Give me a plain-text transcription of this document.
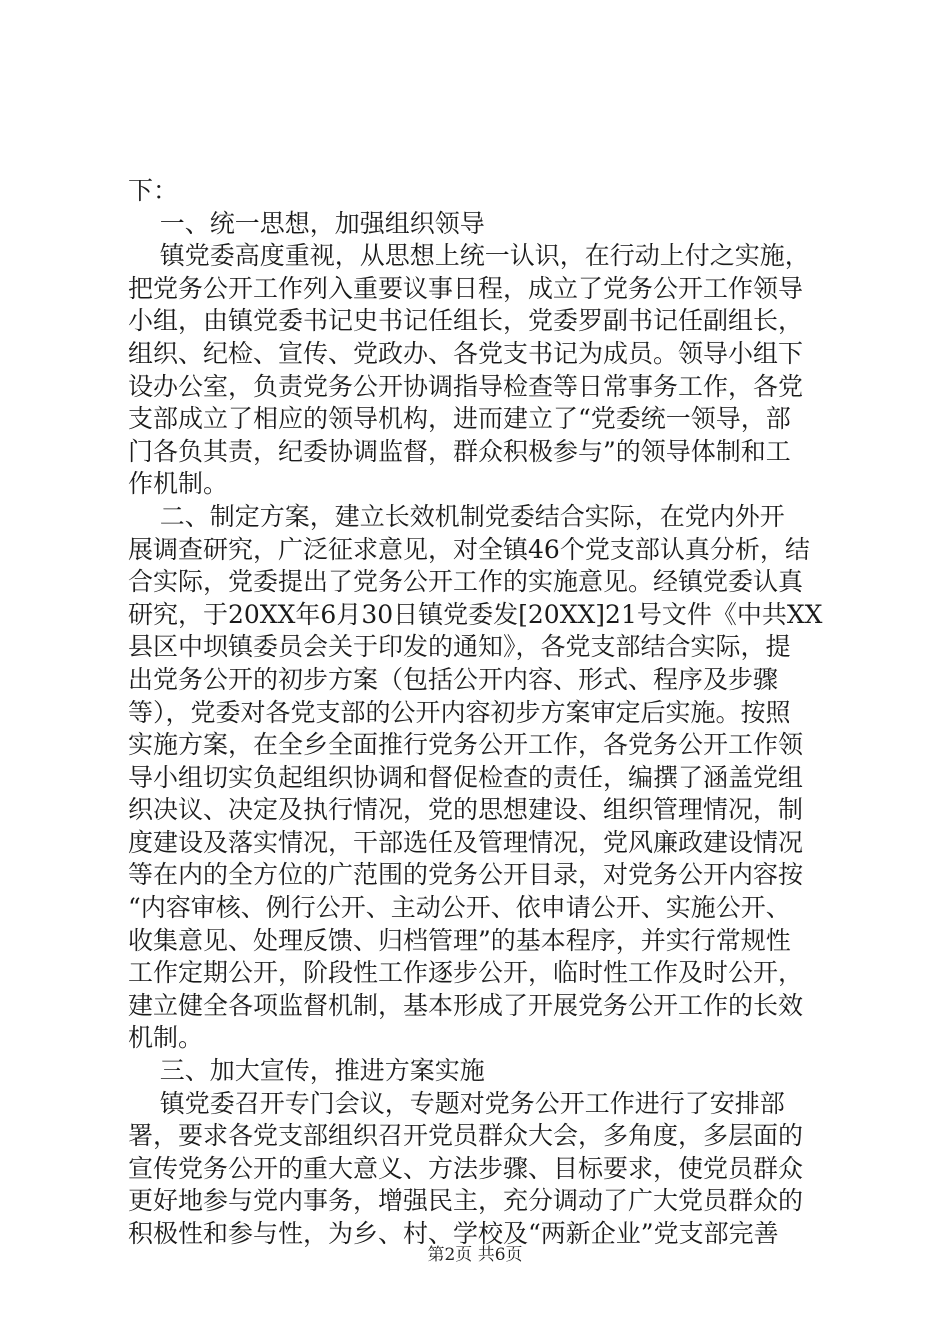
下：
一、统一思想，加强组织领导
镇党委高度重视，从思想上统一认识，在行动上付之实施，
把党务公开工作列入重要议事日程，成立了党务公开工作领导
小组，由镇党委书记史书记任组长，党委罗副书记任副组长，
组织、纪检、宣传、党政办、各党支书记为成员。领导小组下
设办公室，负责党务公开协调指导检查等日常事务工作，各党
支部成立了相应的领导机构，进而建立了“党委统一领导，部
门各负其责，纪委协调监督，群众积极参与”的领导体制和工
作机制。
二、制定方案，建立长效机制党委结合实际，在党内外开
展调查研究，广泛征求意见，对全镇46个党支部认真分析，结
合实际，党委提出了党务公开工作的实施意见。经镇党委认真
研究，于20XX年6月30日镇党委发[20XX]21号文件《中共XX
县区中坝镇委员会关于印发的通知》，各党支部结合实际，提
出党务公开的初步方案（包括公开内容、形式、程序及步骤
等），党委对各党支部的公开内容初步方案审定后实施。按照
实施方案，在全乡全面推行党务公开工作，各党务公开工作领
导小组切实负起组织协调和督促检查的责任，编撰了涵盖党组
织决议、决定及执行情况，党的思想建设、组织管理情况，制
度建设及落实情况，干部选任及管理情况，党风廉政建设情况
等在内的全方位的广范围的党务公开目录，对党务公开内容按
“内容审核、例行公开、主动公开、依申请公开、实施公开、
收集意见、处理反馈、归档管理”的基本程序，并实行常规性
工作定期公开，阶段性工作逐步公开，临时性工作及时公开，
建立健全各项监督机制，基本形成了开展党务公开工作的长效
机制。
三、加大宣传，推进方案实施
镇党委召开专门会议，专题对党务公开工作进行了安排部
署，要求各党支部组织召开党员群众大会，多角度，多层面的
宣传党务公开的重大意义、方法步骤、目标要求，使党员群众
更好地参与党内事务，增强民主，充分调动了广大党员群众的
积极性和参与性，为乡、村、学校及“两新企业”党支部完善
第2页 共6页
